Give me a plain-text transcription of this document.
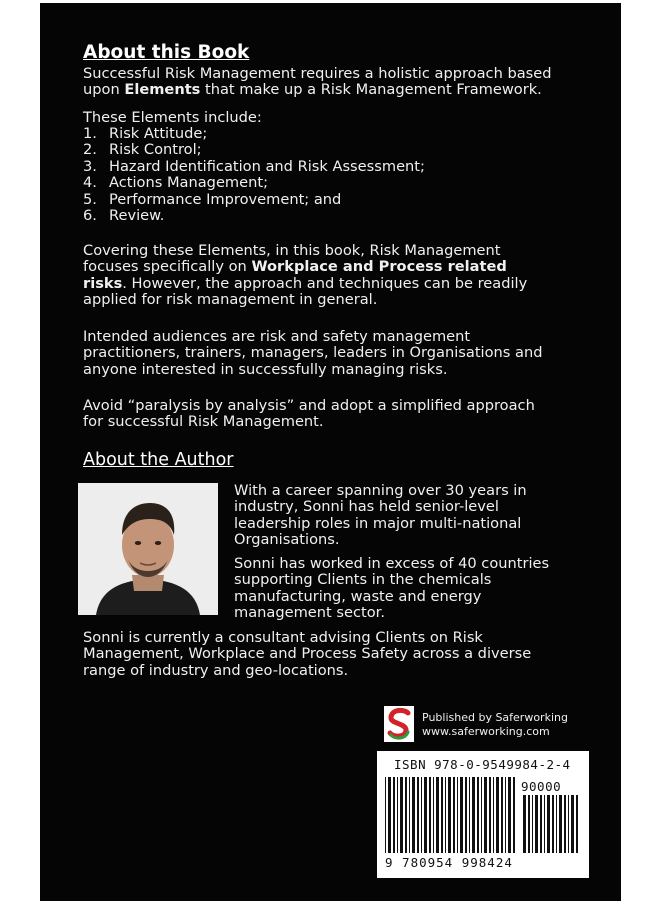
About this Book
Successful Risk Management requires a holistic approach based
upon Elements that make up a Risk Management Framework.
These Elements include:
1. Risk Attitude;
2. Risk Control;
3. Hazard Identification and Risk Assessment;
4. Actions Management;
5. Performance Improvement; and
6. Review.
Covering these Elements, in this book, Risk Management
focuses specifically on Workplace and Process related
risks. However, the approach and techniques can be readily
applied for risk management in general.
Intended audiences are risk and safety management
practitioners, trainers, managers, leaders in Organisations and
anyone interested in successfully managing risks.
Avoid “paralysis by analysis” and adopt a simplified approach
for successful Risk Management.
About the Author
With a career spanning over 30 years in
industry, Sonni has held senior-level
leadership roles in major multi-national
Organisations.
Sonni has worked in excess of 40 countries
supporting Clients in the chemicals
manufacturing, waste and energy
management sector.
Sonni is currently a consultant advising Clients on Risk
Management, Workplace and Process Safety across a diverse
range of industry and geo-locations.
Published by Saferworking
www.saferworking.com
ISBN 978-0-9549984-2-4
90000
9 780954 998424
